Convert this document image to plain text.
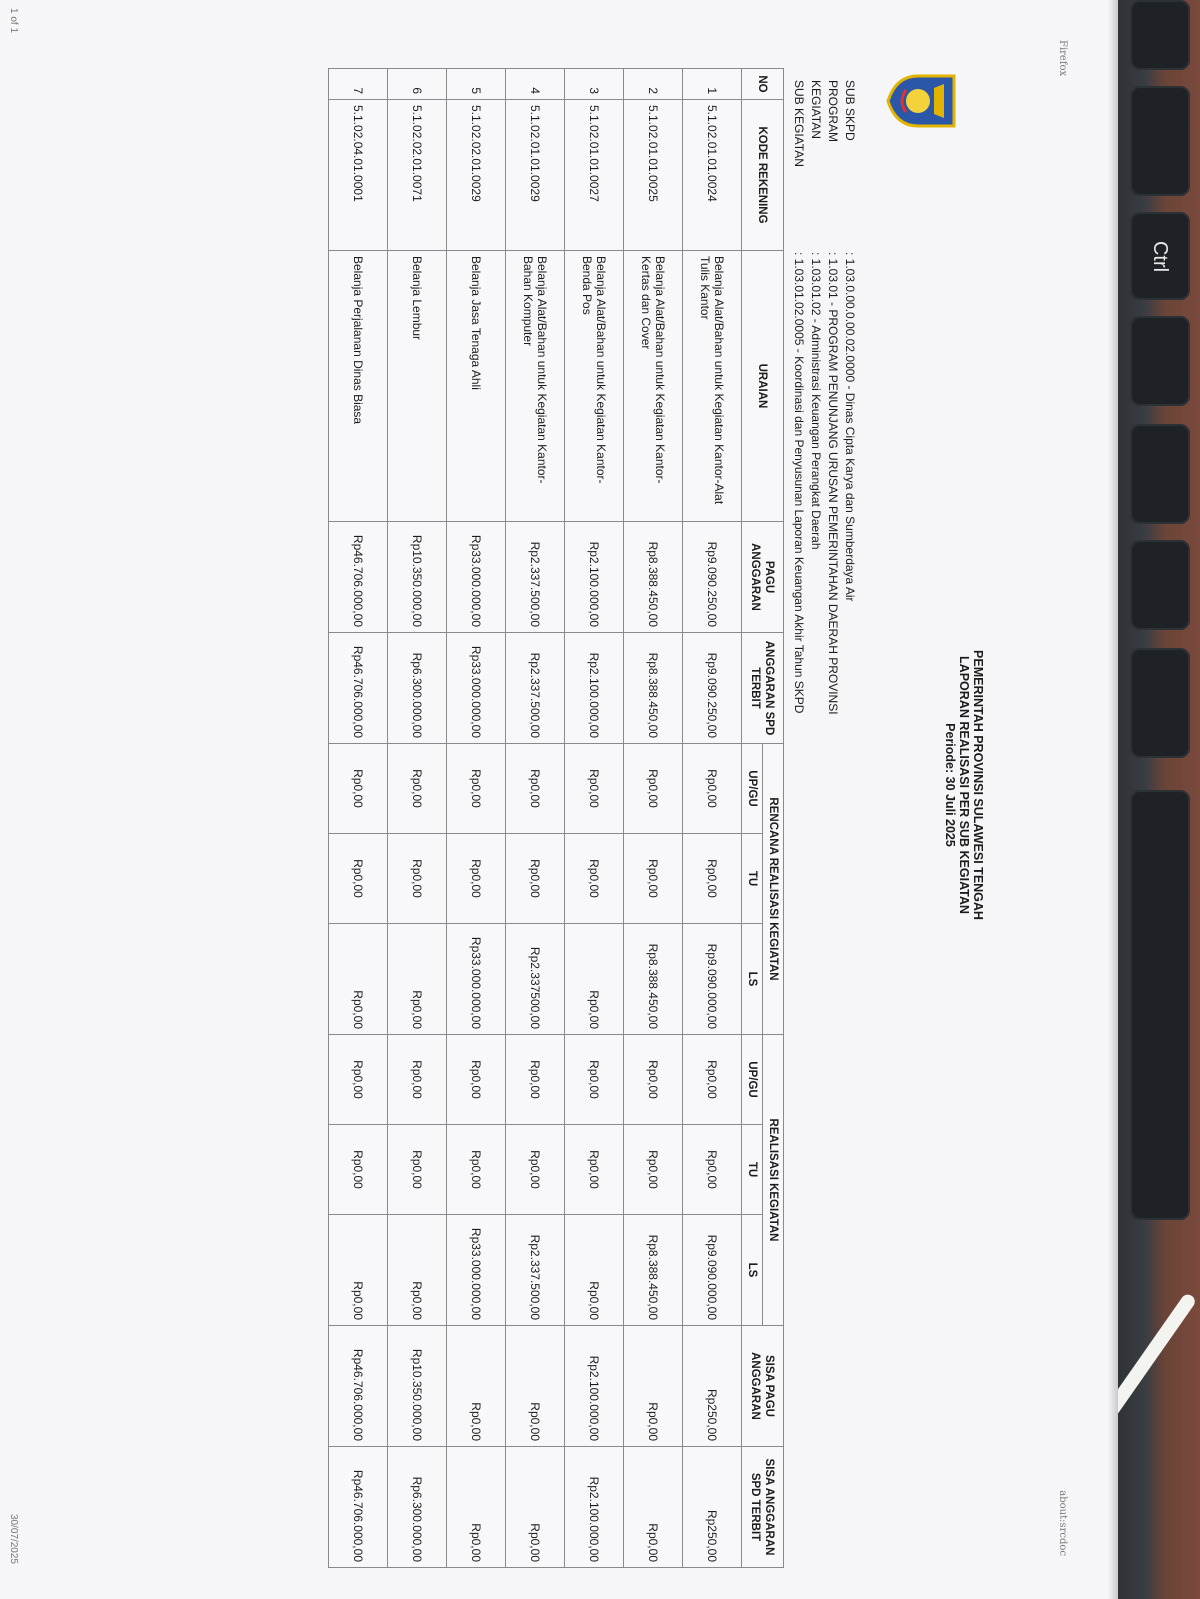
Ctrl
Firefox
about:srcdoc
PEMERINTAH PROVINSI SULAWESI TENGAH
LAPORAN REALISASI PER SUB KEGIATAN
Periode: 30 Juli 2025
SUB SKPD
: 1.03.0.00.0.00.02.0000 - Dinas Cipta Karya dan Sumberdaya Air
PROGRAM
: 1.03.01 - PROGRAM PENUNJANG URUSAN PEMERINTAHAN DAERAH PROVINSI
KEGIATAN
: 1.03.01.02 - Administrasi Keuangan Perangkat Daerah
SUB KEGIATAN
: 1.03.01.02.0005 - Koordinasi dan Penyusunan Laporan Keuangan Akhir Tahun SKPD
NO	KODE REKENING	URAIAN	PAGU ANGGARAN	ANGGARAN SPD TERBIT	RENCANA REALISASI KEGIATAN			REALISASI KEGIATAN			SISA PAGU ANGGARAN	SISA ANGGARAN SPD TERBIT
					UP/GU	TU	LS	UP/GU	TU	LS		
1	5.1.02.01.01.0024	Belanja Alat/Bahan untuk Kegiatan Kantor-Alat Tulis Kantor	Rp9.090.250,00	Rp9.090.250,00	Rp0,00	Rp0,00	Rp9.090.000,00	Rp0,00	Rp0,00	Rp9.090.000,00	Rp250,00	Rp250,00
2	5.1.02.01.01.0025	Belanja Alat/Bahan untuk Kegiatan Kantor-Kertas dan Cover	Rp8.388.450,00	Rp8.388.450,00	Rp0,00	Rp0,00	Rp8.388.450,00	Rp0,00	Rp0,00	Rp8.388.450,00	Rp0,00	Rp0,00
3	5.1.02.01.01.0027	Belanja Alat/Bahan untuk Kegiatan Kantor-Benda Pos	Rp2.100.000,00	Rp2.100.000,00	Rp0,00	Rp0,00	Rp0,00	Rp0,00	Rp0,00	Rp0,00	Rp2.100.000,00	Rp2.100.000,00
4	5.1.02.01.01.0029	Belanja Alat/Bahan untuk Kegiatan Kantor-Bahan Komputer	Rp2.337.500,00	Rp2.337.500,00	Rp0,00	Rp0,00	Rp2.337500,00	Rp0,00	Rp0,00	Rp2.337.500,00	Rp0,00	Rp0,00
5	5.1.02.02.01.0029	Belanja Jasa Tenaga Ahli	Rp33.000.000,00	Rp33.000.000,00	Rp0,00	Rp0,00	Rp33.000.000,00	Rp0,00	Rp0,00	Rp33.000.000,00	Rp0,00	Rp0,00
6	5.1.02.02.01.0071	Belanja Lembur	Rp10.350.000,00	Rp6.300.000,00	Rp0,00	Rp0,00	Rp0,00	Rp0,00	Rp0,00	Rp0,00	Rp10.350.000,00	Rp6.300.000,00
7	5.1.02.04.01.0001	Belanja Perjalanan Dinas Biasa	Rp46.706.000,00	Rp46.706.000,00	Rp0,00	Rp0,00	Rp0,00	Rp0,00	Rp0,00	Rp0,00	Rp46.706.000,00	Rp46.706.000,00
1 of 1
30/07/2025
